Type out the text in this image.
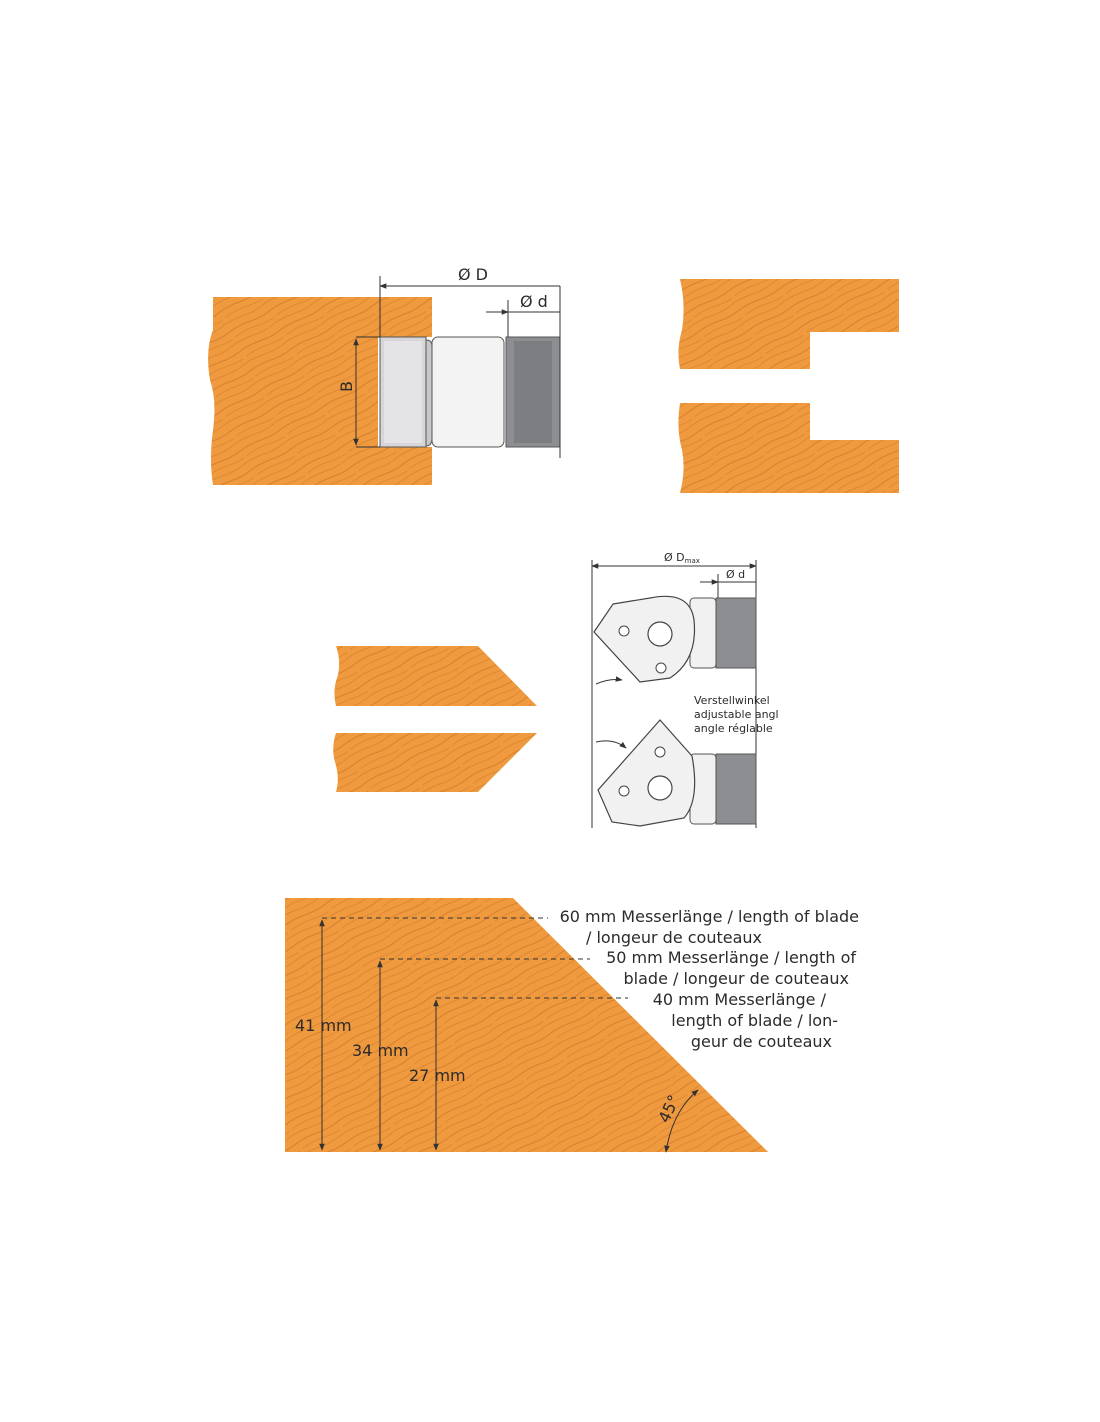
Ø D
Ø d
B
Ø Dmax
Ø d
Verstellwinkel
adjustable angl
angle réglable
41 mm
34 mm
27 mm
45°
60 mm Messerlänge / length of blade
/ longeur de couteaux
50 mm Messerlänge / length of
blade / longeur de couteaux
40 mm Messerlänge /
length of blade / lon-
geur de couteaux
